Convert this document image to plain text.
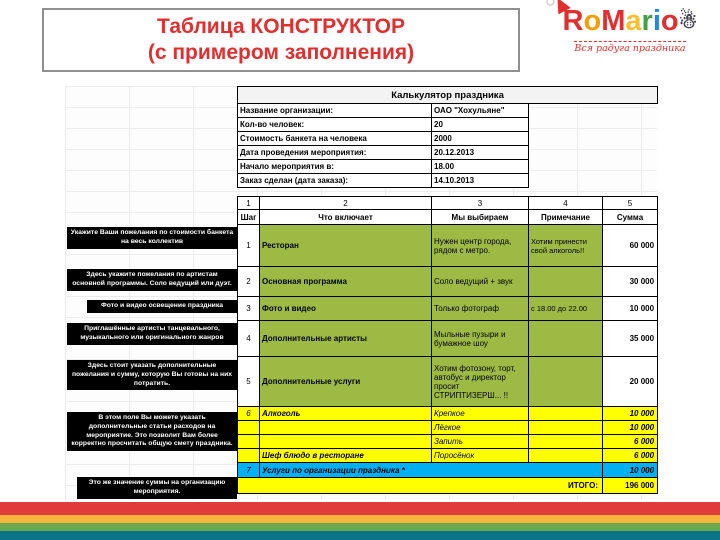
Таблица КОНСТРУКТОР
(с примером заполнения)
RoMario☃
Вся радуга праздника
Укажите Ваши пожелания по стоимости банкета на весь коллектив
Здесь укажите пожелания по артистам основной программы. Соло ведущий или дуэт.
Фото и видео освещение праздника
Приглашённые артисты танцевального, музыкального или оригинального жанров
Здесь стоит указать дополнительные пожелания и сумму, которую Вы готовы на них потратить.
В этом поле Вы можете указать дополнительные статьи расходов на мероприятие. Это позволит Вам более корректно просчитать общую смету праздника.
Это же значение суммы на организацию мероприятия.
Калькулятор праздника				
Название организации:		ОАО "Хохульяне"		
Кол-во человек:		20		
Стоимость банкета на человека		2000		
Дата проведения мероприятия:		20.12.2013		
Начало мероприятия в:		18.00		
Заказ сделан (дата заказа):		14.10.2013		

1	2	3	4	5
Шаг	Что включает	Мы выбираем	Примечание	Сумма
1	Ресторан	Нужен центр города, рядом с метро.	Хотим принести свой алкоголь!!	60 000
2	Основная программа	Соло ведущий + звук		30 000
3	Фото и видео	Только фотограф	с 18.00 до 22.00	10 000
4	Дополнительные артисты	Мыльные пузыри и бумажное шоу		35 000
5	Дополнительные услуги	Хотим фотозону, торт, автобус и директор просит СТРИПТИЗЕРШ... !!		20 000
6	Алкоголь	Крепкое		10 000
		Лёгкое		10 000
		Запить		6 000
	Шеф блюдо в ресторане	Поросёнок		6 000
7	Услуги по организации праздника *			10 000
ИТОГО:				196 000
